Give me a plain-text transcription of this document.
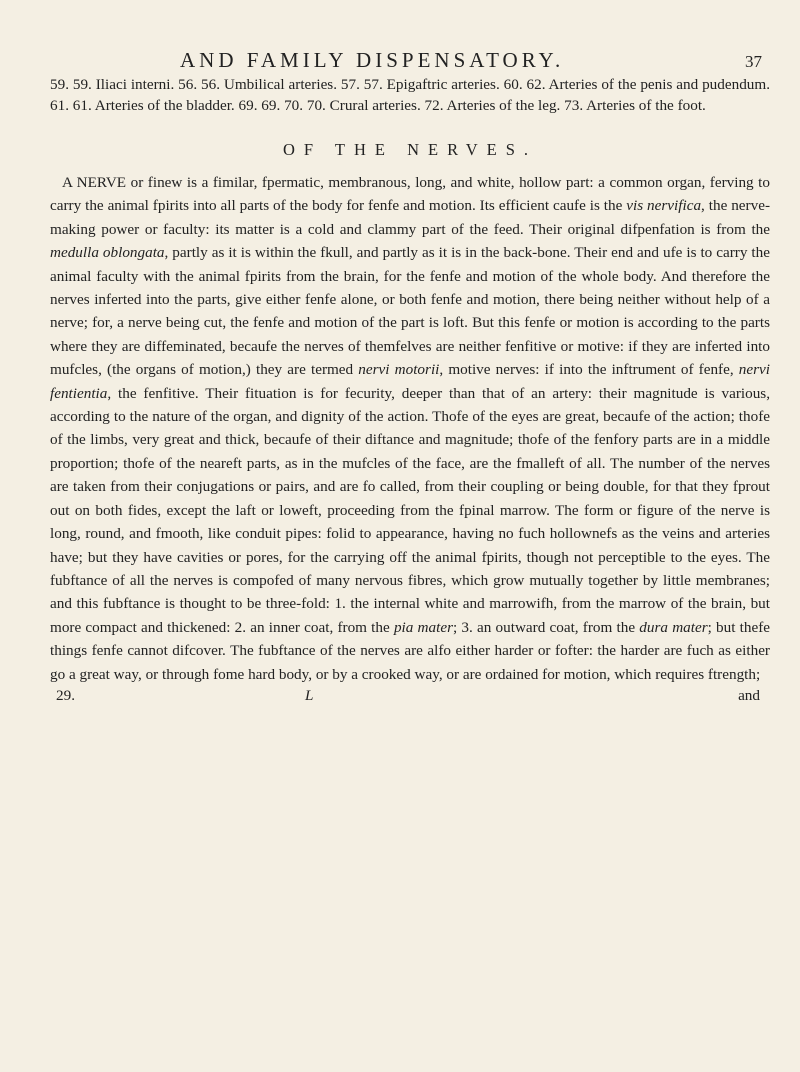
AND FAMILY DISPENSATORY.	37

59. 59. Iliaci interni. 56. 56. Umbilical arteries. 57. 57. Epigaftric arteries. 60. 62. Arteries of the penis and pudendum. 61. 61. Arteries of the bladder. 69. 69. 70. 70. Crural arteries. 72. Arteries of the leg. 73. Arteries of the foot.

OF THE NERVES.

A NERVE or finew is a fimilar, fpermatic, membranous, long, and white, hollow part: a common organ, ferving to carry the animal fpirits into all parts of the body for fenfe and motion. Its efficient caufe is the vis nervifica, the nerve-making power or faculty: its matter is a cold and clammy part of the feed. Their original difpenfation is from the medulla oblongata, partly as it is within the fkull, and partly as it is in the back-bone. Their end and ufe is to carry the animal faculty with the animal fpirits from the brain, for the fenfe and motion of the whole body. And therefore the nerves inferted into the parts, give either fenfe alone, or both fenfe and motion, there being neither without help of a nerve; for, a nerve being cut, the fenfe and motion of the part is loft. But this fenfe or motion is according to the parts where they are diffeminated, becaufe the nerves of themfelves are neither fenfitive or motive: if they are inferted into mufcles, (the organs of motion,) they are termed nervi motorii, motive nerves: if into the inftrument of fenfe, nervi fentientia, the fenfitive. Their fituation is for fecurity, deeper than that of an artery: their magnitude is various, according to the nature of the organ, and dignity of the action. Thofe of the eyes are great, becaufe of the action; thofe of the limbs, very great and thick, becaufe of their diftance and magnitude; thofe of the fenfory parts are in a middle proportion; thofe of the neareft parts, as in the mufcles of the face, are the fmalleft of all. The number of the nerves are taken from their conjugations or pairs, and are fo called, from their coupling or being double, for that they fprout out on both fides, except the laft or loweft, proceeding from the fpinal marrow. The form or figure of the nerve is long, round, and fmooth, like conduit pipes: folid to appearance, having no fuch hollownefs as the veins and arteries have; but they have cavities or pores, for the carrying off the animal fpirits, though not perceptible to the eyes. The fubftance of all the nerves is compofed of many nervous fibres, which grow mutually together by little membranes; and this fubftance is thought to be three-fold: 1. the internal white and marrowifh, from the marrow of the brain, but more compact and thickened: 2. an inner coat, from the pia mater; 3. an outward coat, from the dura mater; but thefe things fenfe cannot difcover. The fubftance of the nerves are alfo either harder or fofter: the harder are fuch as either go a great way, or through fome hard body, or by a crooked way, or are ordained for motion, which requires ftrength;

29.	L	and
